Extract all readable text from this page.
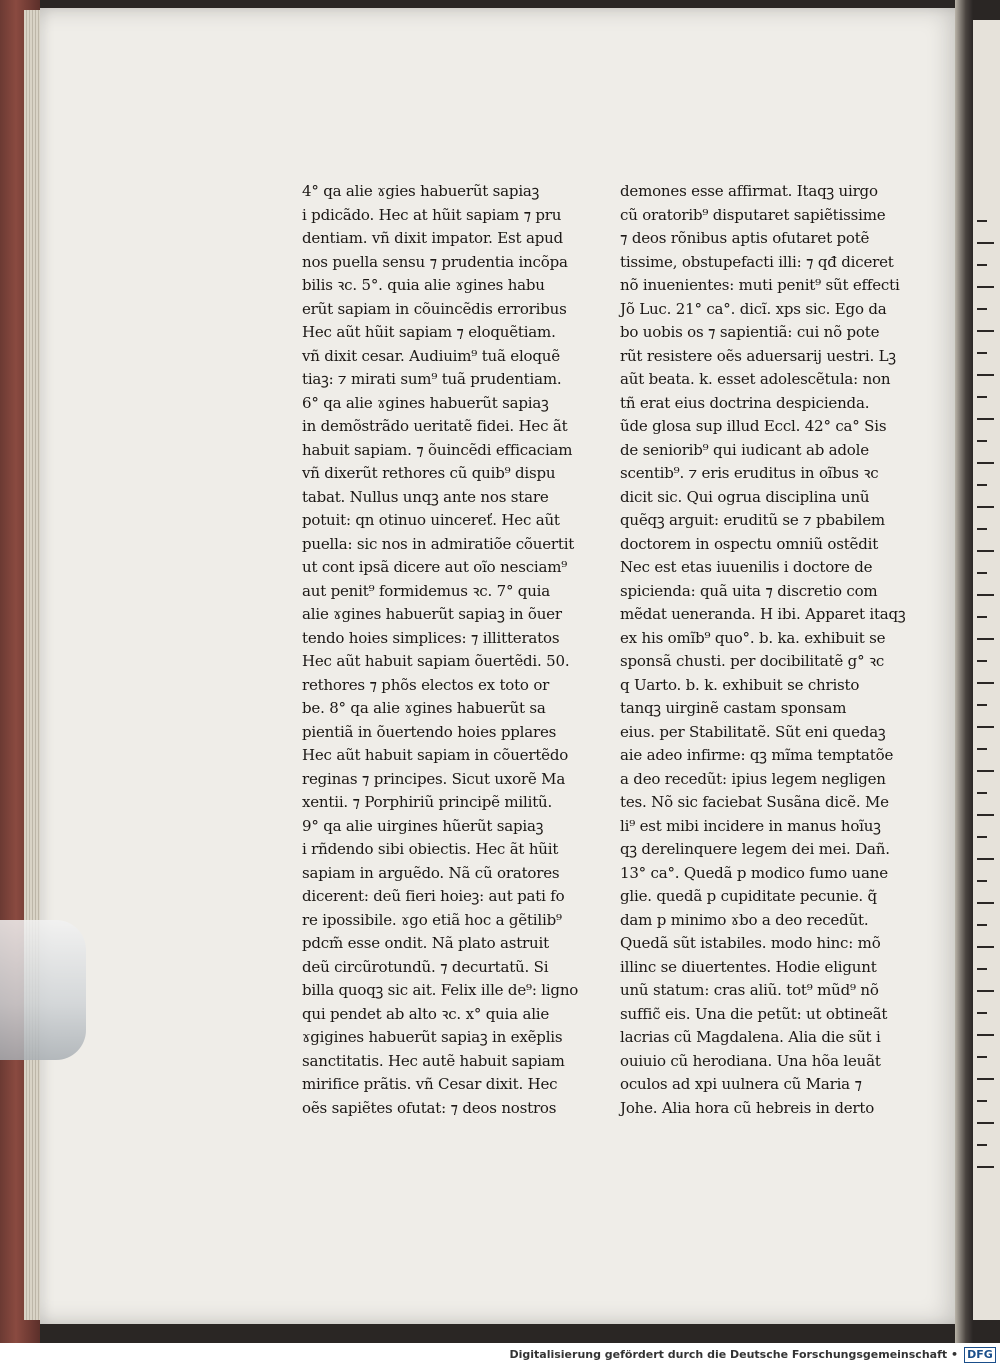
4° qa alie ɤgies habuerũt sapiaꝫ
i pdicãdo. Hec at hũit sapiam ⁊ pru
dentiam. vñ dixit impator. Est apud
nos puella sensu ⁊ prudentia incõpa
bilis ꝛc. 5°. quia alie ɤgines habu
erũt sapiam in cõuincẽdis erroribus
Hec aũt hũit sapiam ⁊ eloquẽtiam.
vñ dixit cesar. Audiuim⁹ tuã eloquẽ
tiaꝫ: ⁊ mirati sum⁹ tuã prudentiam.
6° qa alie ɤgines habuerũt sapiaꝫ
in demõstrãdo ueritatẽ fidei. Hec ãt
habuit sapiam. ⁊ õuincẽdi efficaciam
vñ dixerũt rethores cũ quib⁹ dispu
tabat. Nullus unqꝫ ante nos stare
potuit: qn otinuo uincereť. Hec aũt
puella: sic nos in admiratiõe cõuertit
ut cont ipsã dicere aut oĩo nesciam⁹
aut penit⁹ formidemus ꝛc. 7° quia
alie ɤgines habuerũt sapiaꝫ in õuer
tendo hoies simplices: ⁊ illitteratos
Hec aũt habuit sapiam õuertẽdi. 50.
rethores ⁊ phõs electos ex toto or
be. 8° qa alie ɤgines habuerũt sa
pientiã in õuertendo hoies pplares
Hec aũt habuit sapiam in cõuertẽdo
reginas ⁊ principes. Sicut uxorẽ Ma
xentii. ⁊ Porphiriũ principẽ militũ.
9° qa alie uirgines hũerũt sapiaꝫ
i rñdendo sibi obiectis. Hec ãt hũit
sapiam in arguẽdo. Nã cũ oratores
dicerent: deũ fieri hoieꝫ: aut pati fo
re ipossibile. ɤgo etiã hoc a gẽtilib⁹
pdcm̃ esse ondit. Nã plato astruit
deũ circũrotundũ. ⁊ decurtatũ. Si
billa quoqꝫ sic ait. Felix ille de⁹: ligno
qui pendet ab alto ꝛc. x° quia alie
ɤgigines habuerũt sapiaꝫ in exẽplis
sanctitatis. Hec autẽ habuit sapiam
mirifice prãtis. vñ Cesar dixit. Hec
oẽs sapiẽtes ofutat: ⁊ deos nostros
demones esse affirmat. Itaqꝫ uirgo
cũ oratorib⁹ disputaret sapiẽtissime
⁊ deos rõnibus aptis ofutaret potẽ
tissime, obstupefacti illi: ⁊ qđ diceret
nõ inuenientes: muti penit⁹ sũt effecti
Jõ Luc. 21° ca°. dicĩ. xps sic. Ego da
bo uobis os ⁊ sapientiã: cui nõ pote
rũt resistere oẽs aduersarij uestri. Lꝫ
aũt beata. k. esset adolescẽtula: non
tñ erat eius doctrina despicienda.
ũde glosa sup illud Eccl. 42° ca° Sis
de seniorib⁹ qui iudicant ab adole
scentib⁹. ⁊ eris eruditus in oĩbus ꝛc
dicit sic. Qui ogrua disciplina unũ
quẽqꝫ arguit: eruditũ se ⁊ pbabilem
doctorem in ospectu omniũ ostẽdit
Nec est etas iuuenilis i doctore de
spicienda: quã uita ⁊ discretio com
mẽdat ueneranda. H ibi. Apparet itaqꝫ
ex his omĩb⁹ quo°. b. ka. exhibuit se
sponsã chusti. per docibilitatẽ g° ꝛc
q Uarto. b. k. exhibuit se christo
tanqꝫ uirginẽ castam sponsam
eius. per Stabilitatẽ. Sũt eni quedaꝫ
aie adeo infirme: qꝫ mĩma temptatõe
a deo recedũt: ipius legem negligen
tes. Nõ sic faciebat Susãna dicẽ. Me
li⁹ est mibi incidere in manus hoĩuꝫ
qꝫ derelinquere legem dei mei. Dañ.
13° ca°. Quedã p modico fumo uane
glie. quedã p cupiditate pecunie. q̃
dam p minimo ɤbo a deo recedũt.
Quedã sũt istabiles. modo hinc: mõ
illinc se diuertentes. Hodie eligunt
unũ statum: cras aliũ. tot⁹ mũd⁹ nõ
suffic̃ eis. Una die petũt: ut obtineãt
lacrias cũ Magdalena. Alia die sũt i
ouiuio cũ herodiana. Una hõa leuãt
oculos ad xpi uulnera cũ Maria ⁊
Johe. Alia hora cũ hebreis in derto
Digitalisierung gefördert durch die Deutsche Forschungsgemeinschaft • DFG
